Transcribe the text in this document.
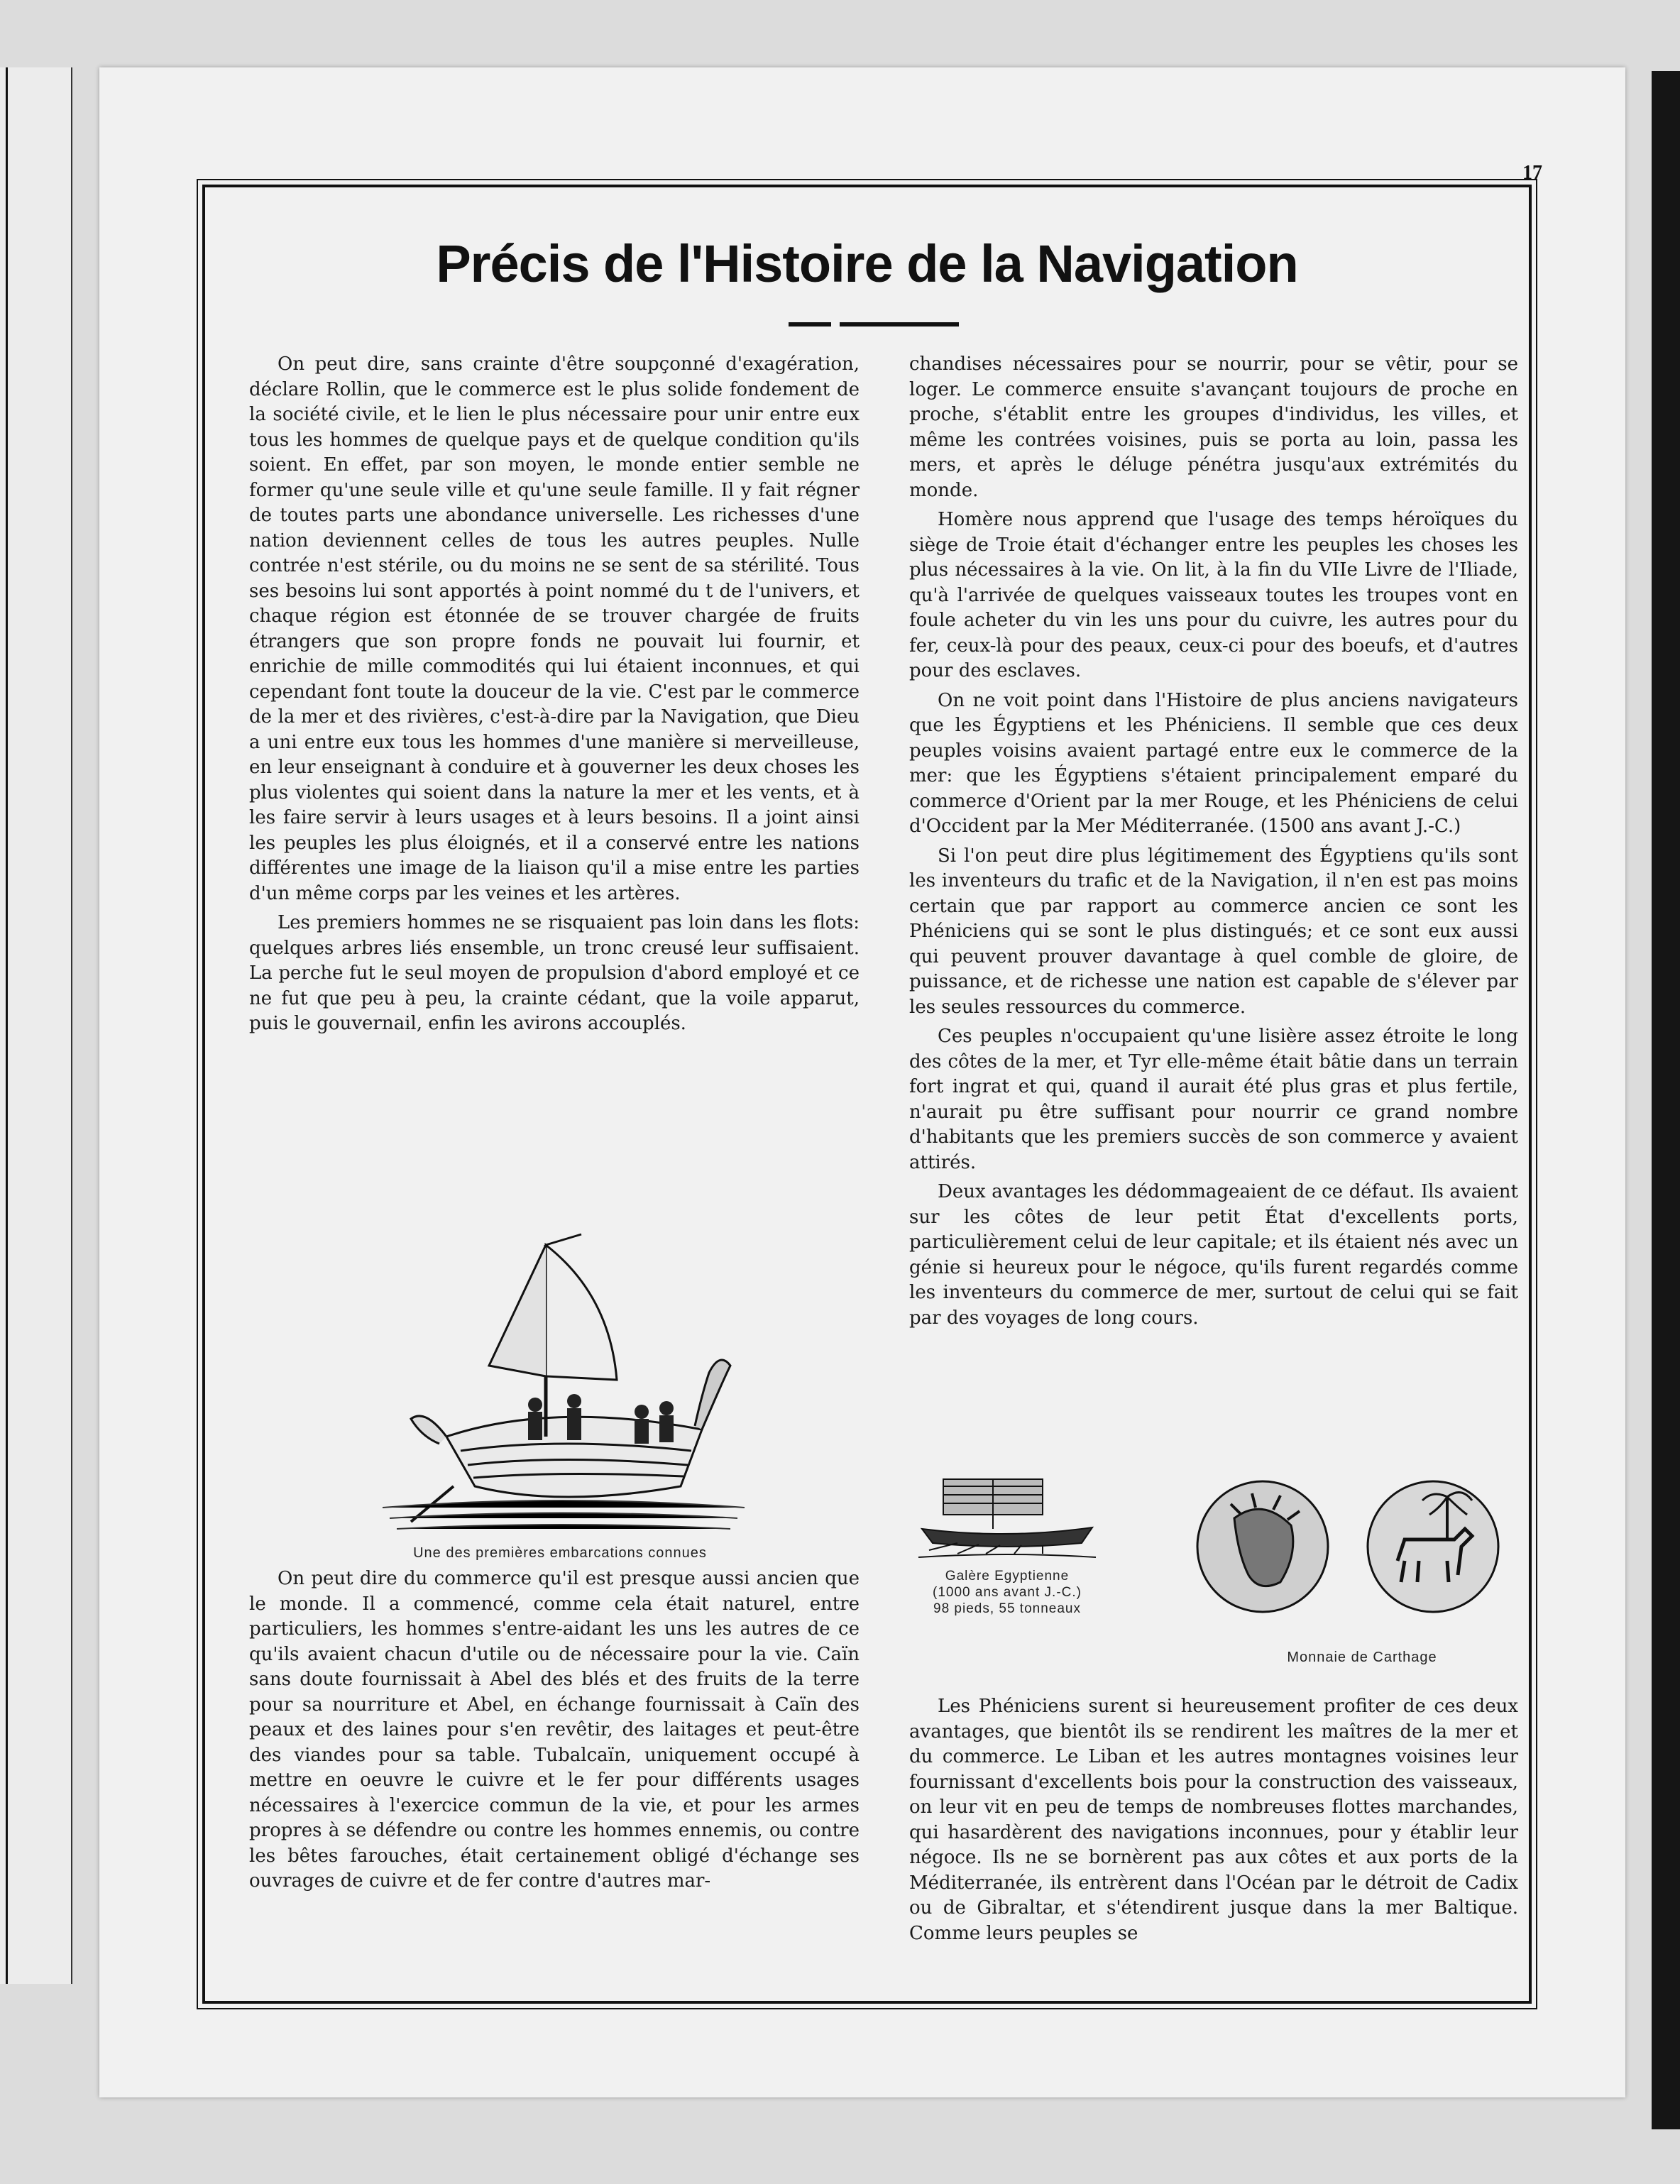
17
Précis de l'Histoire de la Navigation

On peut dire, sans crainte d'être soupçonné d'exagération, déclare Rollin, que le commerce est le plus solide fondement de la société civile, et le lien le plus nécessaire pour unir entre eux tous les hommes de quelque pays et de quelque condition qu'ils soient. En effet, par son moyen, le monde entier semble ne former qu'une seule ville et qu'une seule famille. Il y fait régner de toutes parts une abondance universelle. Les richesses d'une nation deviennent celles de tous les autres peuples. Nulle contrée n'est stérile, ou du moins ne se sent de sa stérilité. Tous ses besoins lui sont apportés à point nommé du t de l'univers, et chaque région est étonnée de se trouver chargée de fruits étrangers que son propre fonds ne pouvait lui fournir, et enrichie de mille commodités qui lui étaient inconnues, et qui cependant font toute la douceur de la vie. C'est par le commerce de la mer et des rivières, c'est-à-dire par la Navigation, que Dieu a uni entre eux tous les hommes d'une manière si merveilleuse, en leur enseignant à conduire et à gouverner les deux choses les plus violentes qui soient dans la nature la mer et les vents, et à les faire servir à leurs usages et à leurs besoins. Il a joint ainsi les peuples les plus éloignés, et il a conservé entre les nations différentes une image de la liaison qu'il a mise entre les parties d'un même corps par les veines et les artères.

Les premiers hommes ne se risquaient pas loin dans les flots: quelques arbres liés ensemble, un tronc creusé leur suffisaient. La perche fut le seul moyen de propulsion d'abord employé et ce ne fut que peu à peu, la crainte cédant, que la voile apparut, puis le gouvernail, enfin les avirons accouplés.

Une des premières embarcations connues

On peut dire du commerce qu'il est presque aussi ancien que le monde. Il a commencé, comme cela était naturel, entre particuliers, les hommes s'entre-aidant les uns les autres de ce qu'ils avaient chacun d'utile ou de nécessaire pour la vie. Caïn sans doute fournissait à Abel des blés et des fruits de la terre pour sa nourriture et Abel, en échange fournissait à Caïn des peaux et des laines pour s'en revêtir, des laitages et peut-être des viandes pour sa table. Tubalcaïn, uniquement occupé à mettre en oeuvre le cuivre et le fer pour différents usages nécessaires à l'exercice commun de la vie, et pour les armes propres à se défendre ou contre les hommes ennemis, ou contre les bêtes farouches, était certainement obligé d'échange ses ouvrages de cuivre et de fer contre d'autres mar-

chandises nécessaires pour se nourrir, pour se vêtir, pour se loger. Le commerce ensuite s'avançant toujours de proche en proche, s'établit entre les groupes d'individus, les villes, et même les contrées voisines, puis se porta au loin, passa les mers, et après le déluge pénétra jusqu'aux extrémités du monde.

Homère nous apprend que l'usage des temps héroïques du siège de Troie était d'échanger entre les peuples les choses les plus nécessaires à la vie. On lit, à la fin du VIIe Livre de l'Iliade, qu'à l'arrivée de quelques vaisseaux toutes les troupes vont en foule acheter du vin les uns pour du cuivre, les autres pour du fer, ceux-là pour des peaux, ceux-ci pour des boeufs, et d'autres pour des esclaves.

On ne voit point dans l'Histoire de plus anciens navigateurs que les Égyptiens et les Phéniciens. Il semble que ces deux peuples voisins avaient partagé entre eux le commerce de la mer: que les Égyptiens s'étaient principalement emparé du commerce d'Orient par la mer Rouge, et les Phéniciens de celui d'Occident par la Mer Méditerranée. (1500 ans avant J.-C.)

Si l'on peut dire plus légitimement des Égyptiens qu'ils sont les inventeurs du trafic et de la Navigation, il n'en est pas moins certain que par rapport au commerce ancien ce sont les Phéniciens qui se sont le plus distingués; et ce sont eux aussi qui peuvent prouver davantage à quel comble de gloire, de puissance, et de richesse une nation est capable de s'élever par les seules ressources du commerce.

Ces peuples n'occupaient qu'une lisière assez étroite le long des côtes de la mer, et Tyr elle-même était bâtie dans un terrain fort ingrat et qui, quand il aurait été plus gras et plus fertile, n'aurait pu être suffisant pour nourrir ce grand nombre d'habitants que les premiers succès de son commerce y avaient attirés.

Deux avantages les dédommageaient de ce défaut. Ils avaient sur les côtes de leur petit État d'excellents ports, particulièrement celui de leur capitale; et ils étaient nés avec un génie si heureux pour le négoce, qu'ils furent regardés comme les inventeurs du commerce de mer, surtout de celui qui se fait par des voyages de long cours.

Galère Egyptienne
(1000 ans avant J.-C.)
98 pieds, 55 tonneaux
Monnaie de Carthage

Les Phéniciens surent si heureusement profiter de ces deux avantages, que bientôt ils se rendirent les maîtres de la mer et du commerce. Le Liban et les autres montagnes voisines leur fournissant d'excellents bois pour la construction des vaisseaux, on leur vit en peu de temps de nombreuses flottes marchandes, qui hasardèrent des navigations inconnues, pour y établir leur négoce. Ils ne se bornèrent pas aux côtes et aux ports de la Méditerranée, ils entrèrent dans l'Océan par le détroit de Cadix ou de Gibraltar, et s'étendirent jusque dans la mer Baltique. Comme leurs peuples se
